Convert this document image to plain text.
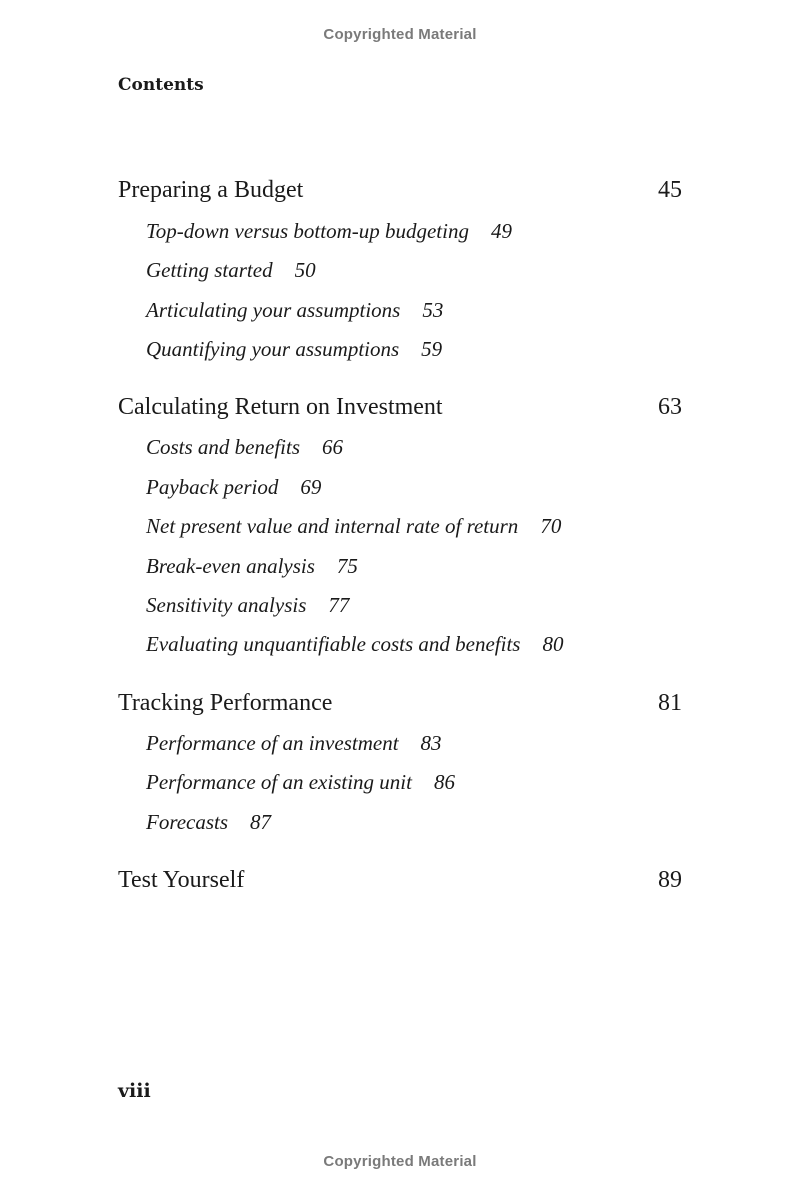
Copyrighted Material
Contents
Preparing a Budget	45
Top-down versus bottom-up budgeting 49
Getting started 50
Articulating your assumptions 53
Quantifying your assumptions 59
Calculating Return on Investment	63
Costs and benefits 66
Payback period 69
Net present value and internal rate of return 70
Break-even analysis 75
Sensitivity analysis 77
Evaluating unquantifiable costs and benefits 80
Tracking Performance	81
Performance of an investment 83
Performance of an existing unit 86
Forecasts 87
Test Yourself	89
viii
Copyrighted Material
